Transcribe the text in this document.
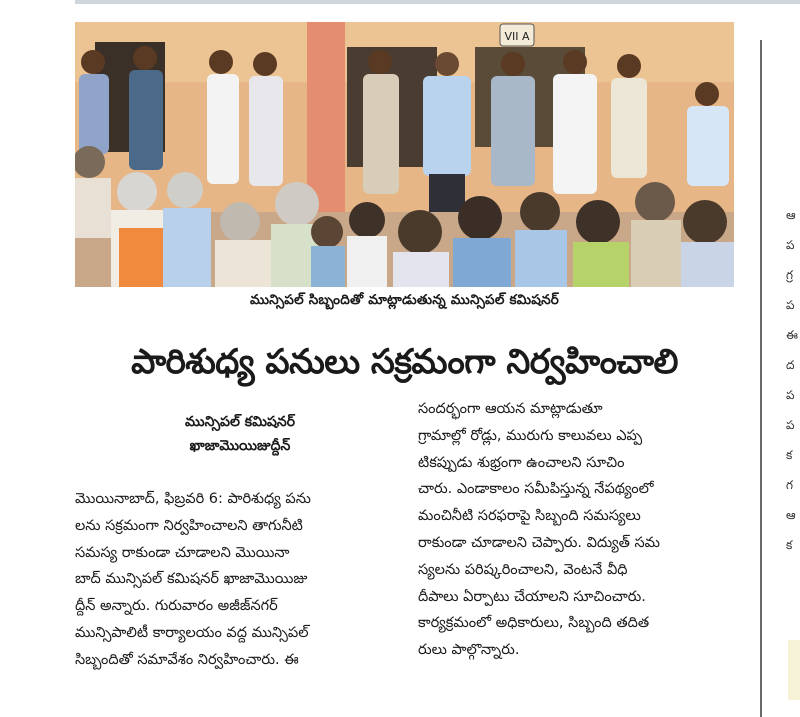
VII A
మున్సిపల్ సిబ్బందితో మాట్లాడుతున్న మున్సిపల్ కమిషనర్
పారిశుధ్య పనులు సక్రమంగా నిర్వహించాలి
మున్సిపల్ కమిషనర్
ఖాజామొయిజుద్దీన్
మొయినాబాద్, ఫిబ్రవరి 6: పారిశుధ్య పను
లను సక్రమంగా నిర్వహించాలని తాగునీటి
సమస్య రాకుండా చూడాలని మొయినా
బాద్ మున్సిపల్ కమిషనర్ ఖాజామొయిజు
ద్దీన్ అన్నారు. గురువారం అజీజ్‌నగర్
మున్సిపాలిటీ కార్యాలయం వద్ద మున్సిపల్
సిబ్బందితో సమావేశం నిర్వహించారు. ఈ
సందర్భంగా ఆయన మాట్లాడుతూ
గ్రామాల్లో రోడ్లు, మురుగు కాలువలు ఎప్ప
టికప్పుడు శుభ్రంగా ఉంచాలని సూచిం
చారు. ఎండాకాలం సమీపిస్తున్న నేపథ్యంలో
మంచినీటి సరఫరాపై సిబ్బంది సమస్యలు
రాకుండా చూడాలని చెప్పారు. విద్యుత్ సమ
స్యలను పరిష్కరించాలని, వెంటనే వీధి
దీపాలు ఏర్పాటు చేయాలని సూచించారు.
కార్యక్రమంలో అధికారులు, సిబ్బంది తదిత
రులు పాల్గొన్నారు.
ఆ
ప
గ్ర
ప
ఈ
ద
ప
ప
క
గ
ఆ
క
